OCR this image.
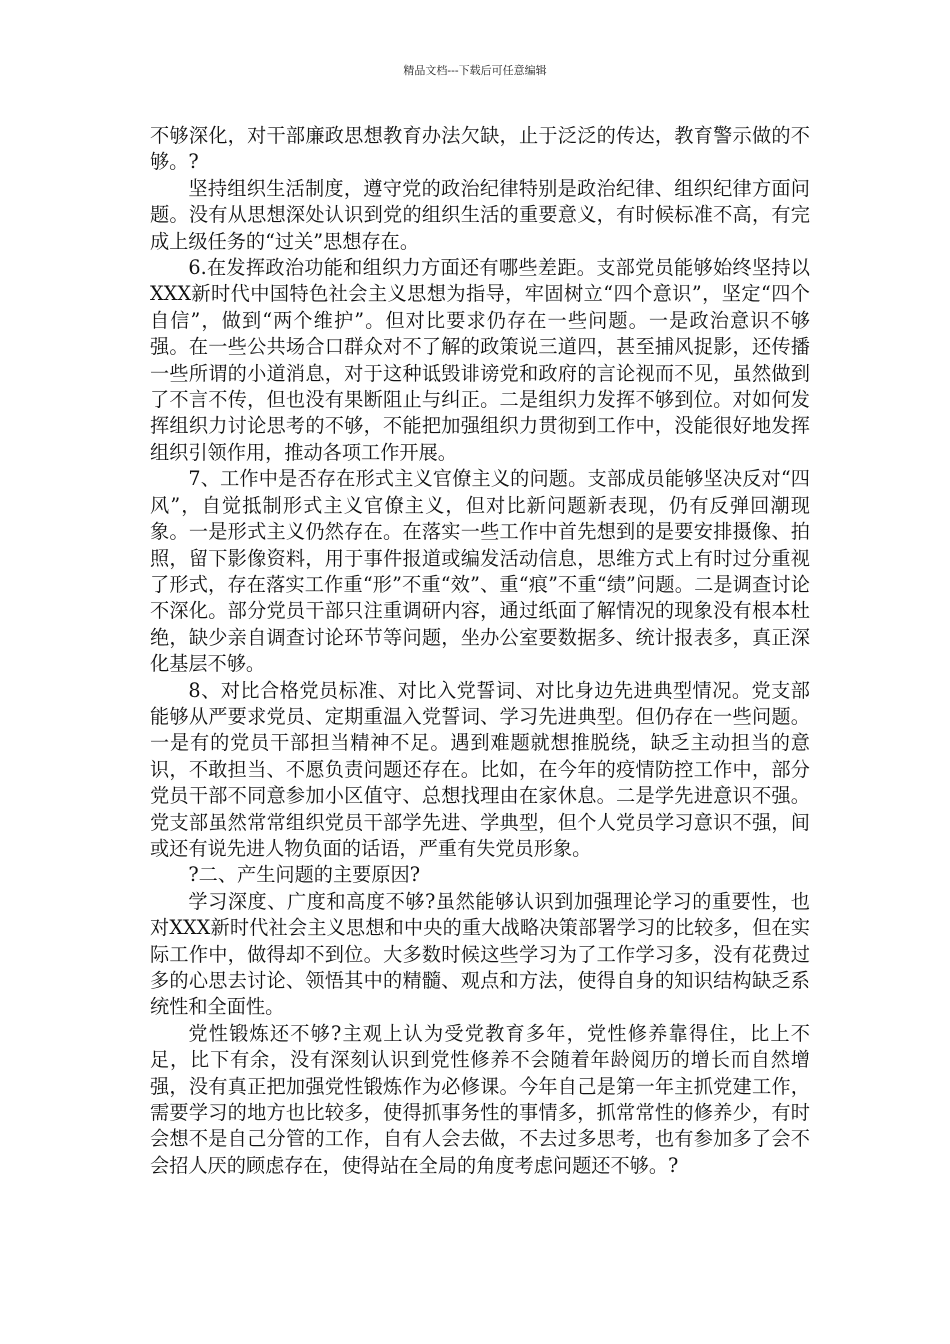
精品文档---下载后可任意编辑

不够深化，对干部廉政思想教育办法欠缺，止于泛泛的传达，教育警示做的不够。?

坚持组织生活制度，遵守党的政治纪律特别是政治纪律、组织纪律方面问题。没有从思想深处认识到党的组织生活的重要意义，有时候标准不高，有完成上级任务的“过关”思想存在。

6.在发挥政治功能和组织力方面还有哪些差距。支部党员能够始终坚持以XXX新时代中国特色社会主义思想为指导，牢固树立“四个意识”，坚定“四个自信”，做到“两个维护”。但对比要求仍存在一些问题。一是政治意识不够强。在一些公共场合口群众对不了解的政策说三道四，甚至捕风捉影，还传播一些所谓的小道消息，对于这种诋毁诽谤党和政府的言论视而不见，虽然做到了不言不传，但也没有果断阻止与纠正。二是组织力发挥不够到位。对如何发挥组织力讨论思考的不够，不能把加强组织力贯彻到工作中，没能很好地发挥组织引领作用，推动各项工作开展。

7、工作中是否存在形式主义官僚主义的问题。支部成员能够坚决反对“四风”，自觉抵制形式主义官僚主义，但对比新问题新表现，仍有反弹回潮现象。一是形式主义仍然存在。在落实一些工作中首先想到的是要安排摄像、拍照，留下影像资料，用于事件报道或编发活动信息，思维方式上有时过分重视了形式，存在落实工作重“形”不重“效”、重“痕”不重“绩”问题。二是调查讨论不深化。部分党员干部只注重调研内容，通过纸面了解情况的现象没有根本杜绝，缺少亲自调查讨论环节等问题，坐办公室要数据多、统计报表多，真正深化基层不够。

8、对比合格党员标准、对比入党誓词、对比身边先进典型情况。党支部能够从严要求党员、定期重温入党誓词、学习先进典型。但仍存在一些问题。一是有的党员干部担当精神不足。遇到难题就想推脱绕，缺乏主动担当的意识，不敢担当、不愿负责问题还存在。比如，在今年的疫情防控工作中，部分党员干部不同意参加小区值守、总想找理由在家休息。二是学先进意识不强。党支部虽然常常组织党员干部学先进、学典型，但个人党员学习意识不强，间或还有说先进人物负面的话语，严重有失党员形象。

?二、产生问题的主要原因?

学习深度、广度和高度不够?虽然能够认识到加强理论学习的重要性，也对XXX新时代社会主义思想和中央的重大战略决策部署学习的比较多，但在实际工作中，做得却不到位。大多数时候这些学习为了工作学习多，没有花费过多的心思去讨论、领悟其中的精髓、观点和方法，使得自身的知识结构缺乏系统性和全面性。

党性锻炼还不够?主观上认为受党教育多年，党性修养靠得住，比上不足，比下有余，没有深刻认识到党性修养不会随着年龄阅历的增长而自然增强，没有真正把加强党性锻炼作为必修课。今年自己是第一年主抓党建工作，需要学习的地方也比较多，使得抓事务性的事情多，抓常常性的修养少，有时会想不是自己分管的工作，自有人会去做，不去过多思考，也有参加多了会不会招人厌的顾虑存在，使得站在全局的角度考虑问题还不够。?
